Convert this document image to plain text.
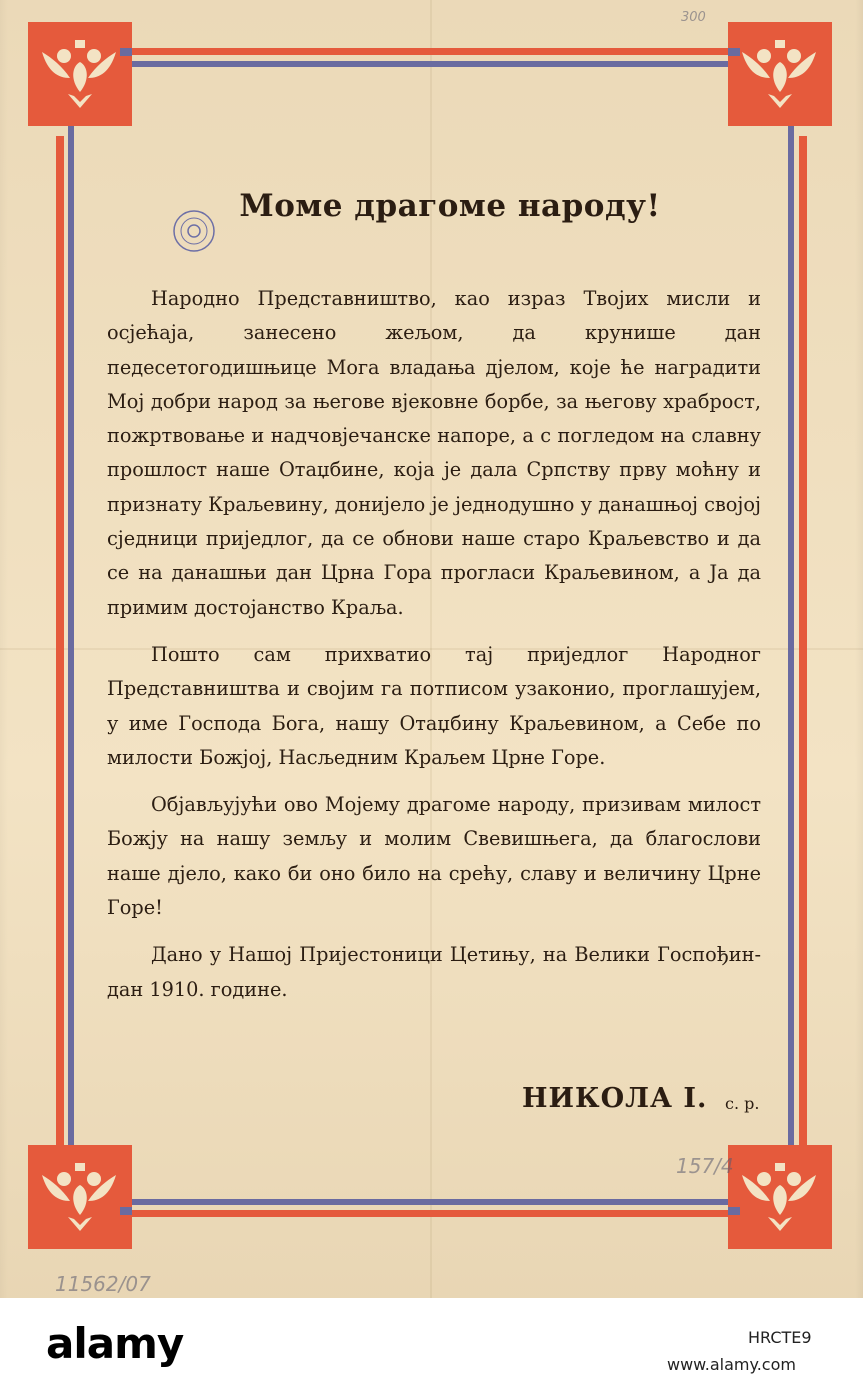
300
Моме драгоме народу!

Народно Представништво, као израз Твојих мисли и осјећаја, занесено жељом, да крунише дан педесетогодишњице Мога владања дјелом, које ће наградити Мој добри народ за његове вјековне борбе, за његову храброст, пожртвовање и надчовјечанске напоре, а с погледом на славну прошлост наше Отаџбине, која је дала Српству прву моћну и признату Краљевину, донијело је једнодушно у данашњој својој сједници приједлог, да се обнови наше старо Краљевство и да се на данашњи дан Црна Гора прогласи Краљевином, а Ја да примим достојанство Краља.

Пошто сам прихватио тај приједлог Народног Представништва и својим га потписом узаконио, проглашујем, у име Господа Бога, нашу Отаџбину Краљевином, а Себе по милости Божјој, Насљедним Краљем Црне Горе.

Објављујући ово Мојему драгоме народу, призивам милост Божју на нашу земљу и молим Свевишњега, да благослови наше дјело, како би оно било на срећу, славу и величину Црне Горе!

Дано у Нашој Пријестоници Цетињу, на Велики Госпођин-дан 1910. године.

НИКОЛА I. с. р.
157/4
11562/07
alamy	HRCTE9
www.alamy.com
